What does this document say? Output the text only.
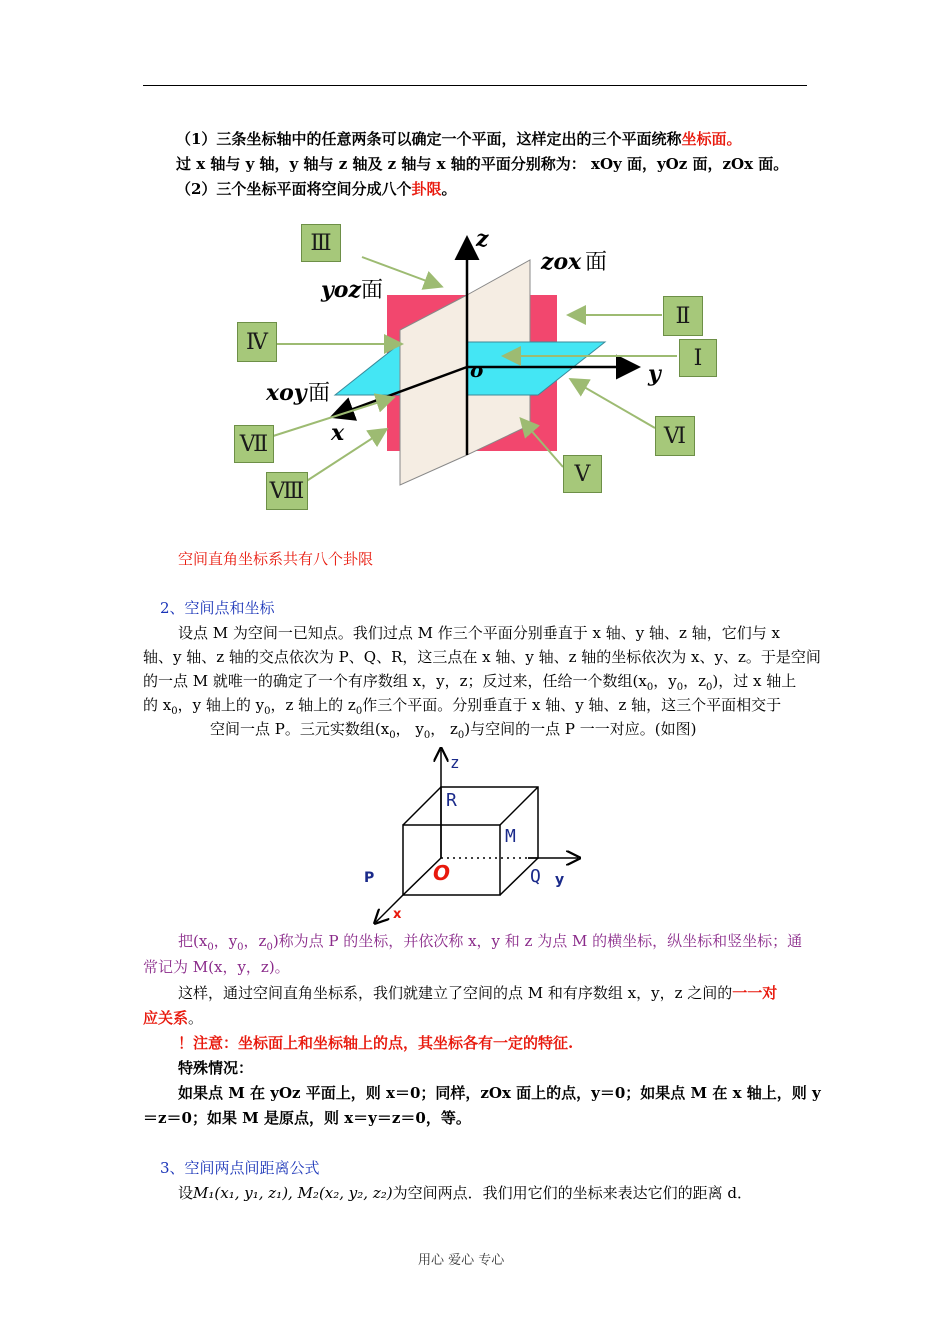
（1）三条坐标轴中的任意两条可以确定一个平面，这样定出的三个平面统称坐标面。
过 x 轴与 y 轴，y 轴与 z 轴及 z 轴与 x 轴的平面分别称为： xOy 面，yOz 面，zOx 面。
（2）三个坐标平面将空间分成八个卦限。
z
y
x
o
zox 面
yoz 面
xoy 面
Ⅲ
Ⅳ
Ⅱ
Ⅰ
Ⅵ
Ⅶ
Ⅷ
Ⅴ
空间直角坐标系共有八个卦限
2、空间点和坐标
设点 M 为空间一已知点。我们过点 M 作三个平面分别垂直于 x 轴、y 轴、z 轴，它们与 x
轴、y 轴、z 轴的交点依次为 P、Q、R，这三点在 x 轴、y 轴、z 轴的坐标依次为 x、y、z。于是空间
的一点 M 就唯一的确定了一个有序数组 x，y，z；反过来，任给一个数组($x_0$，$y_0$，$z_0$)，过 x 轴上
的 $x_0$，y 轴上的 $y_0$，z 轴上的 $z_0$作三个平面。分别垂直于 x 轴、y 轴、z 轴，这三个平面相交于
空间一点 P。三元实数组($x_0$， $y_0$， $z_0$)与空间的一点 P 一一对应。(如图)
z
R
M
P	O	Q y
x
把($x_0$，$y_0$，$z_0$)称为点 P 的坐标，并依次称 x，y 和 z 为点 M 的横坐标，纵坐标和竖坐标；通
常记为 M(x，y，z)。
这样，通过空间直角坐标系，我们就建立了空间的点 M 和有序数组 x，y，z 之间的一一对
应关系。
！注意：坐标面上和坐标轴上的点，其坐标各有一定的特征.
特殊情况：
如果点 M 在 yOz 平面上，则 x＝0；同样，zOx 面上的点，y＝0；如果点 M 在 x 轴上，则 y
＝z＝0；如果 M 是原点，则 x＝y＝z＝0，等。
3、空间两点间距离公式
设M₁(x₁, y₁, z₁), M₂(x₂, y₂, z₂)为空间两点．我们用它们的坐标来表达它们的距离 d．
用心 爱心 专心
